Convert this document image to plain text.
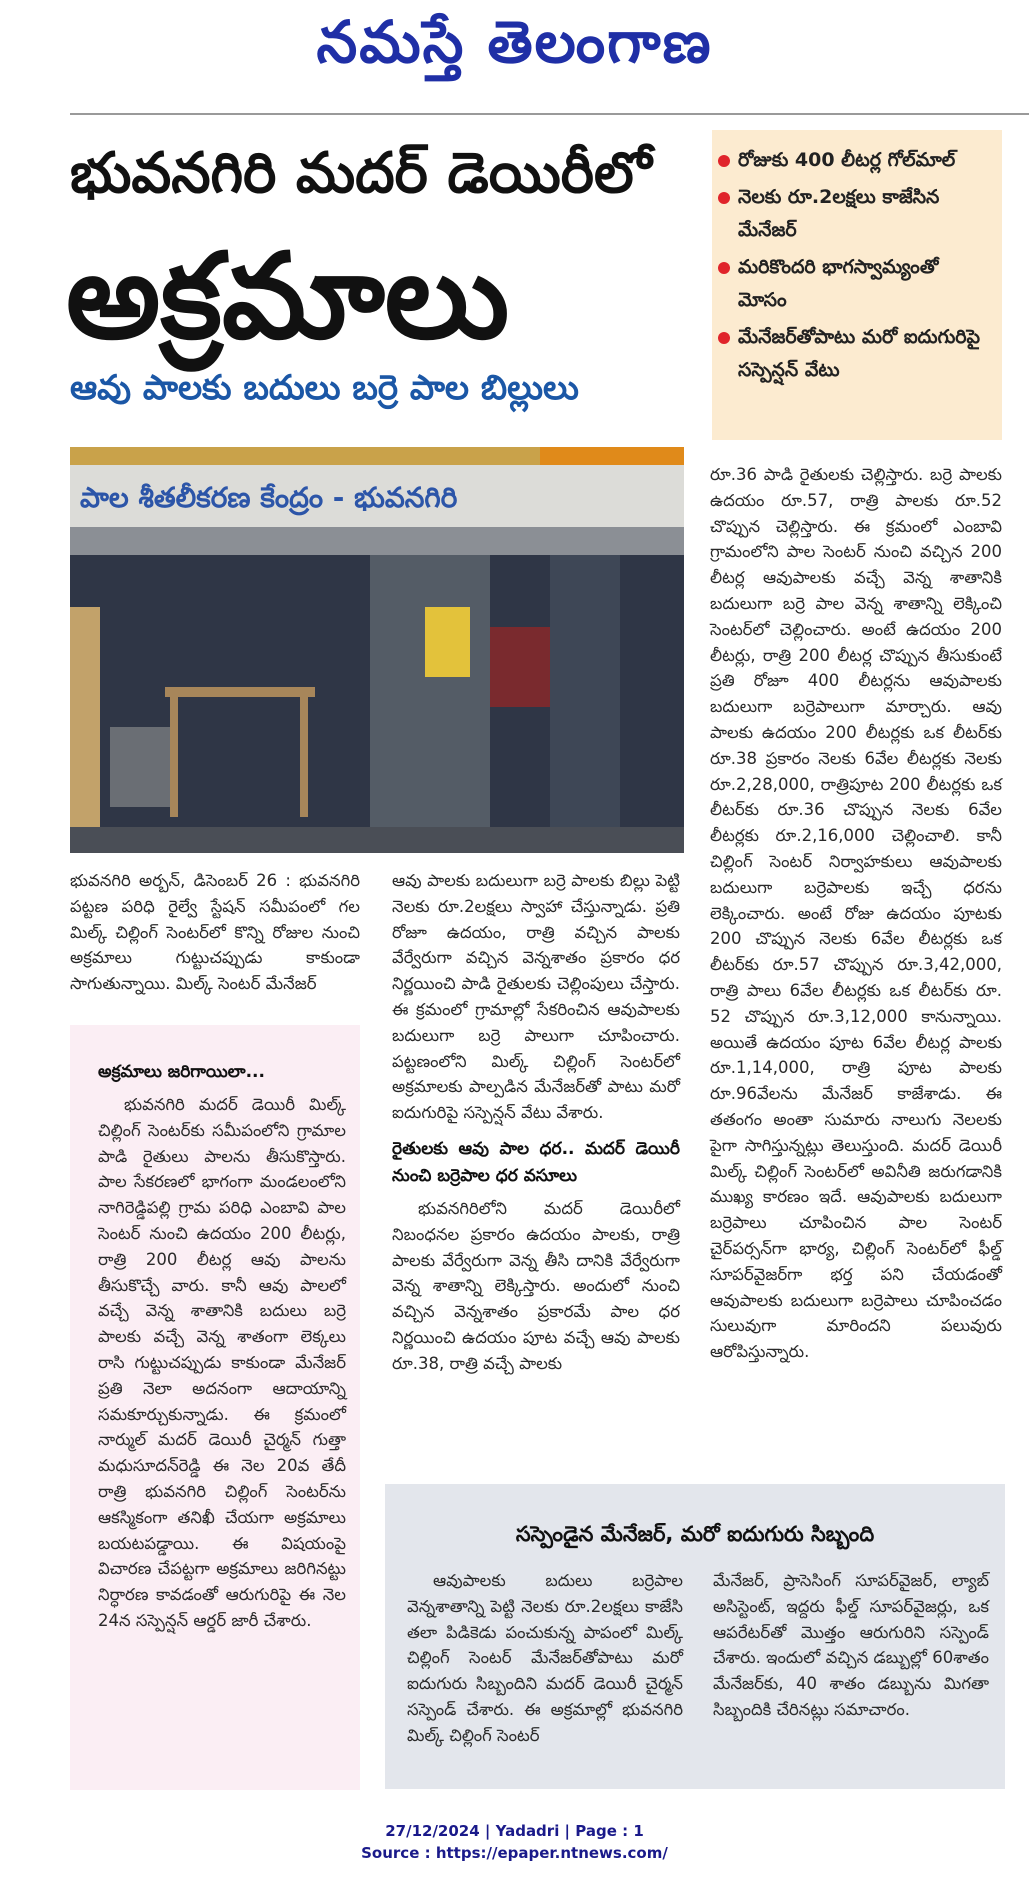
నమస్తే తెలంగాణ
భువనగిరి మదర్ డెయిరీలో
అక్రమాలు
ఆవు పాలకు బదులు బర్రె పాల బిల్లులు
రోజుకు 400 లీటర్ల గోల్‌మాల్
నెలకు రూ.2లక్షలు కాజేసిన మేనేజర్
మరికొందరి భాగస్వామ్యంతో మోసం
మేనేజర్‌తోపాటు మరో ఐదుగురిపై సస్పెన్షన్ వేటు
పాల శీతలీకరణ కేంద్రం - భువనగిరి

భువనగిరి అర్బన్, డిసెంబర్ 26 : భువనగిరి పట్టణ పరిధి రైల్వే స్టేషన్ సమీపంలో గల మిల్క్ చిల్లింగ్ సెంటర్‌లో కొన్ని రోజుల నుంచి అక్రమాలు గుట్టుచప్పుడు కాకుండా సాగుతున్నాయి. మిల్క్ సెంటర్ మేనేజర్

అక్రమాలు జరిగాయిలా...

భువనగిరి మదర్ డెయిరీ మిల్క్ చిల్లింగ్ సెంటర్‌కు సమీపంలోని గ్రామాల పాడి రైతులు పాలను తీసుకొస్తారు. పాల సేకరణలో భాగంగా మండలంలోని నాగిరెడ్డిపల్లి గ్రామ పరిధి ఎంబావి పాల సెంటర్ నుంచి ఉదయం 200 లీటర్లు, రాత్రి 200 లీటర్ల ఆవు పాలను తీసుకొచ్చే వారు. కానీ ఆవు పాలలో వచ్చే వెన్న శాతానికి బదులు బర్రె పాలకు వచ్చే వెన్న శాతంగా లెక్కలు రాసి గుట్టుచప్పుడు కాకుండా మేనేజర్ ప్రతి నెలా అదనంగా ఆదాయాన్ని సమకూర్చుకున్నాడు. ఈ క్రమంలో నార్ముల్ మదర్ డెయిరీ చైర్మన్ గుత్తా మధుసూదన్‌రెడ్డి ఈ నెల 20వ తేదీ రాత్రి భువనగిరి చిల్లింగ్ సెంటర్‌ను ఆకస్మికంగా తనిఖీ చేయగా అక్రమాలు బయటపడ్డాయి. ఈ విషయంపై విచారణ చేపట్టగా అక్రమాలు జరిగినట్టు నిర్ధారణ కావడంతో ఆరుగురిపై ఈ నెల 24న సస్పెన్షన్ ఆర్డర్ జారీ చేశారు.

ఆవు పాలకు బదులుగా బర్రె పాలకు బిల్లు పెట్టి నెలకు రూ.2లక్షలు స్వాహా చేస్తున్నాడు. ప్రతి రోజూ ఉదయం, రాత్రి వచ్చిన పాలకు వేర్వేరుగా వచ్చిన వెన్నశాతం ప్రకారం ధర నిర్ణయించి పాడి రైతులకు చెల్లింపులు చేస్తారు. ఈ క్రమంలో గ్రామాల్లో సేకరించిన ఆవుపాలకు బదులుగా బర్రె పాలుగా చూపించారు. పట్టణంలోని మిల్క్ చిల్లింగ్ సెంటర్‌లో అక్రమాలకు పాల్పడిన మేనేజర్‌తో పాటు మరో ఐదుగురిపై సస్పెన్షన్ వేటు వేశారు.

రైతులకు ఆవు పాల ధర.. మదర్ డెయిరీ నుంచి బర్రెపాల ధర వసూలు

భువనగిరిలోని మదర్ డెయిరీలో నిబంధనల ప్రకారం ఉదయం పాలకు, రాత్రి పాలకు వేర్వేరుగా వెన్న తీసి దానికి వేర్వేరుగా వెన్న శాతాన్ని లెక్కిస్తారు. అందులో నుంచి వచ్చిన వెన్నశాతం ప్రకారమే పాల ధర నిర్ణయించి ఉదయం పూట వచ్చే ఆవు పాలకు రూ.38, రాత్రి వచ్చే పాలకు

రూ.36 పాడి రైతులకు చెల్లిస్తారు. బర్రె పాలకు ఉదయం రూ.57, రాత్రి పాలకు రూ.52 చొప్పున చెల్లిస్తారు. ఈ క్రమంలో ఎంబావి గ్రామంలోని పాల సెంటర్ నుంచి వచ్చిన 200 లీటర్ల ఆవుపాలకు వచ్చే వెన్న శాతానికి బదులుగా బర్రె పాల వెన్న శాతాన్ని లెక్కించి సెంటర్‌లో చెల్లించారు. అంటే ఉదయం 200 లీటర్లు, రాత్రి 200 లీటర్ల చొప్పున తీసుకుంటే ప్రతి రోజూ 400 లీటర్లను ఆవుపాలకు బదులుగా బర్రెపాలుగా మార్చారు. ఆవు పాలకు ఉదయం 200 లీటర్లకు ఒక లీటర్‌కు రూ.38 ప్రకారం నెలకు 6వేల లీటర్లకు నెలకు రూ.2,28,000, రాత్రిపూట 200 లీటర్లకు ఒక లీటర్‌కు రూ.36 చొప్పున నెలకు 6వేల లీటర్లకు రూ.2,16,000 చెల్లించాలి. కానీ చిల్లింగ్ సెంటర్ నిర్వాహకులు ఆవుపాలకు బదులుగా బర్రెపాలకు ఇచ్చే ధరను లెక్కించారు. అంటే రోజు ఉదయం పూటకు 200 చొప్పున నెలకు 6వేల లీటర్లకు ఒక లీటర్‌కు రూ.57 చొప్పున రూ.3,42,000, రాత్రి పాలు 6వేల లీటర్లకు ఒక లీటర్‌కు రూ. 52 చొప్పున రూ.3,12,000 కానున్నాయి. అయితే ఉదయం పూట 6వేల లీటర్ల పాలకు రూ.1,14,000, రాత్రి పూట పాలకు రూ.96వేలను మేనేజర్ కాజేశాడు. ఈ తతంగం అంతా సుమారు నాలుగు నెలలకు పైగా సాగిస్తున్నట్లు తెలుస్తుంది. మదర్ డెయిరీ మిల్క్ చిల్లింగ్ సెంటర్‌లో అవినీతి జరుగడానికి ముఖ్య కారణం ఇదే. ఆవుపాలకు బదులుగా బర్రెపాలు చూపించిన పాల సెంటర్ చైర్‌పర్సన్‌గా భార్య, చిల్లింగ్ సెంటర్‌లో ఫీల్డ్ సూపర్‌వైజర్‌గా భర్త పని చేయడంతో ఆవుపాలకు బదులుగా బర్రెపాలు చూపించడం సులువుగా మారిందని పలువురు ఆరోపిస్తున్నారు.

సస్పెండైన మేనేజర్, మరో ఐదుగురు సిబ్బంది

ఆవుపాలకు బదులు బర్రెపాల వెన్నశాతాన్ని పెట్టి నెలకు రూ.2లక్షలు కాజేసి తలా పిడికెడు పంచుకున్న పాపంలో మిల్క్ చిల్లింగ్ సెంటర్ మేనేజర్‌తోపాటు మరో ఐదుగురు సిబ్బందిని మదర్ డెయిరీ చైర్మన్ సస్పెండ్ చేశారు. ఈ అక్రమాల్లో భువనగిరి మిల్క్ చిల్లింగ్ సెంటర్

మేనేజర్, ప్రాసెసింగ్ సూపర్‌వైజర్, ల్యాబ్ అసిస్టెంట్, ఇద్దరు ఫీల్డ్ సూపర్‌వైజర్లు, ఒక ఆపరేటర్‌తో మొత్తం ఆరుగురిని సస్పెండ్ చేశారు. ఇందులో వచ్చిన డబ్బుల్లో 60శాతం మేనేజర్‌కు, 40 శాతం డబ్బును మిగతా సిబ్బందికి చేరినట్లు సమాచారం.

27/12/2024 | Yadadri | Page : 1
Source : https://epaper.ntnews.com/
